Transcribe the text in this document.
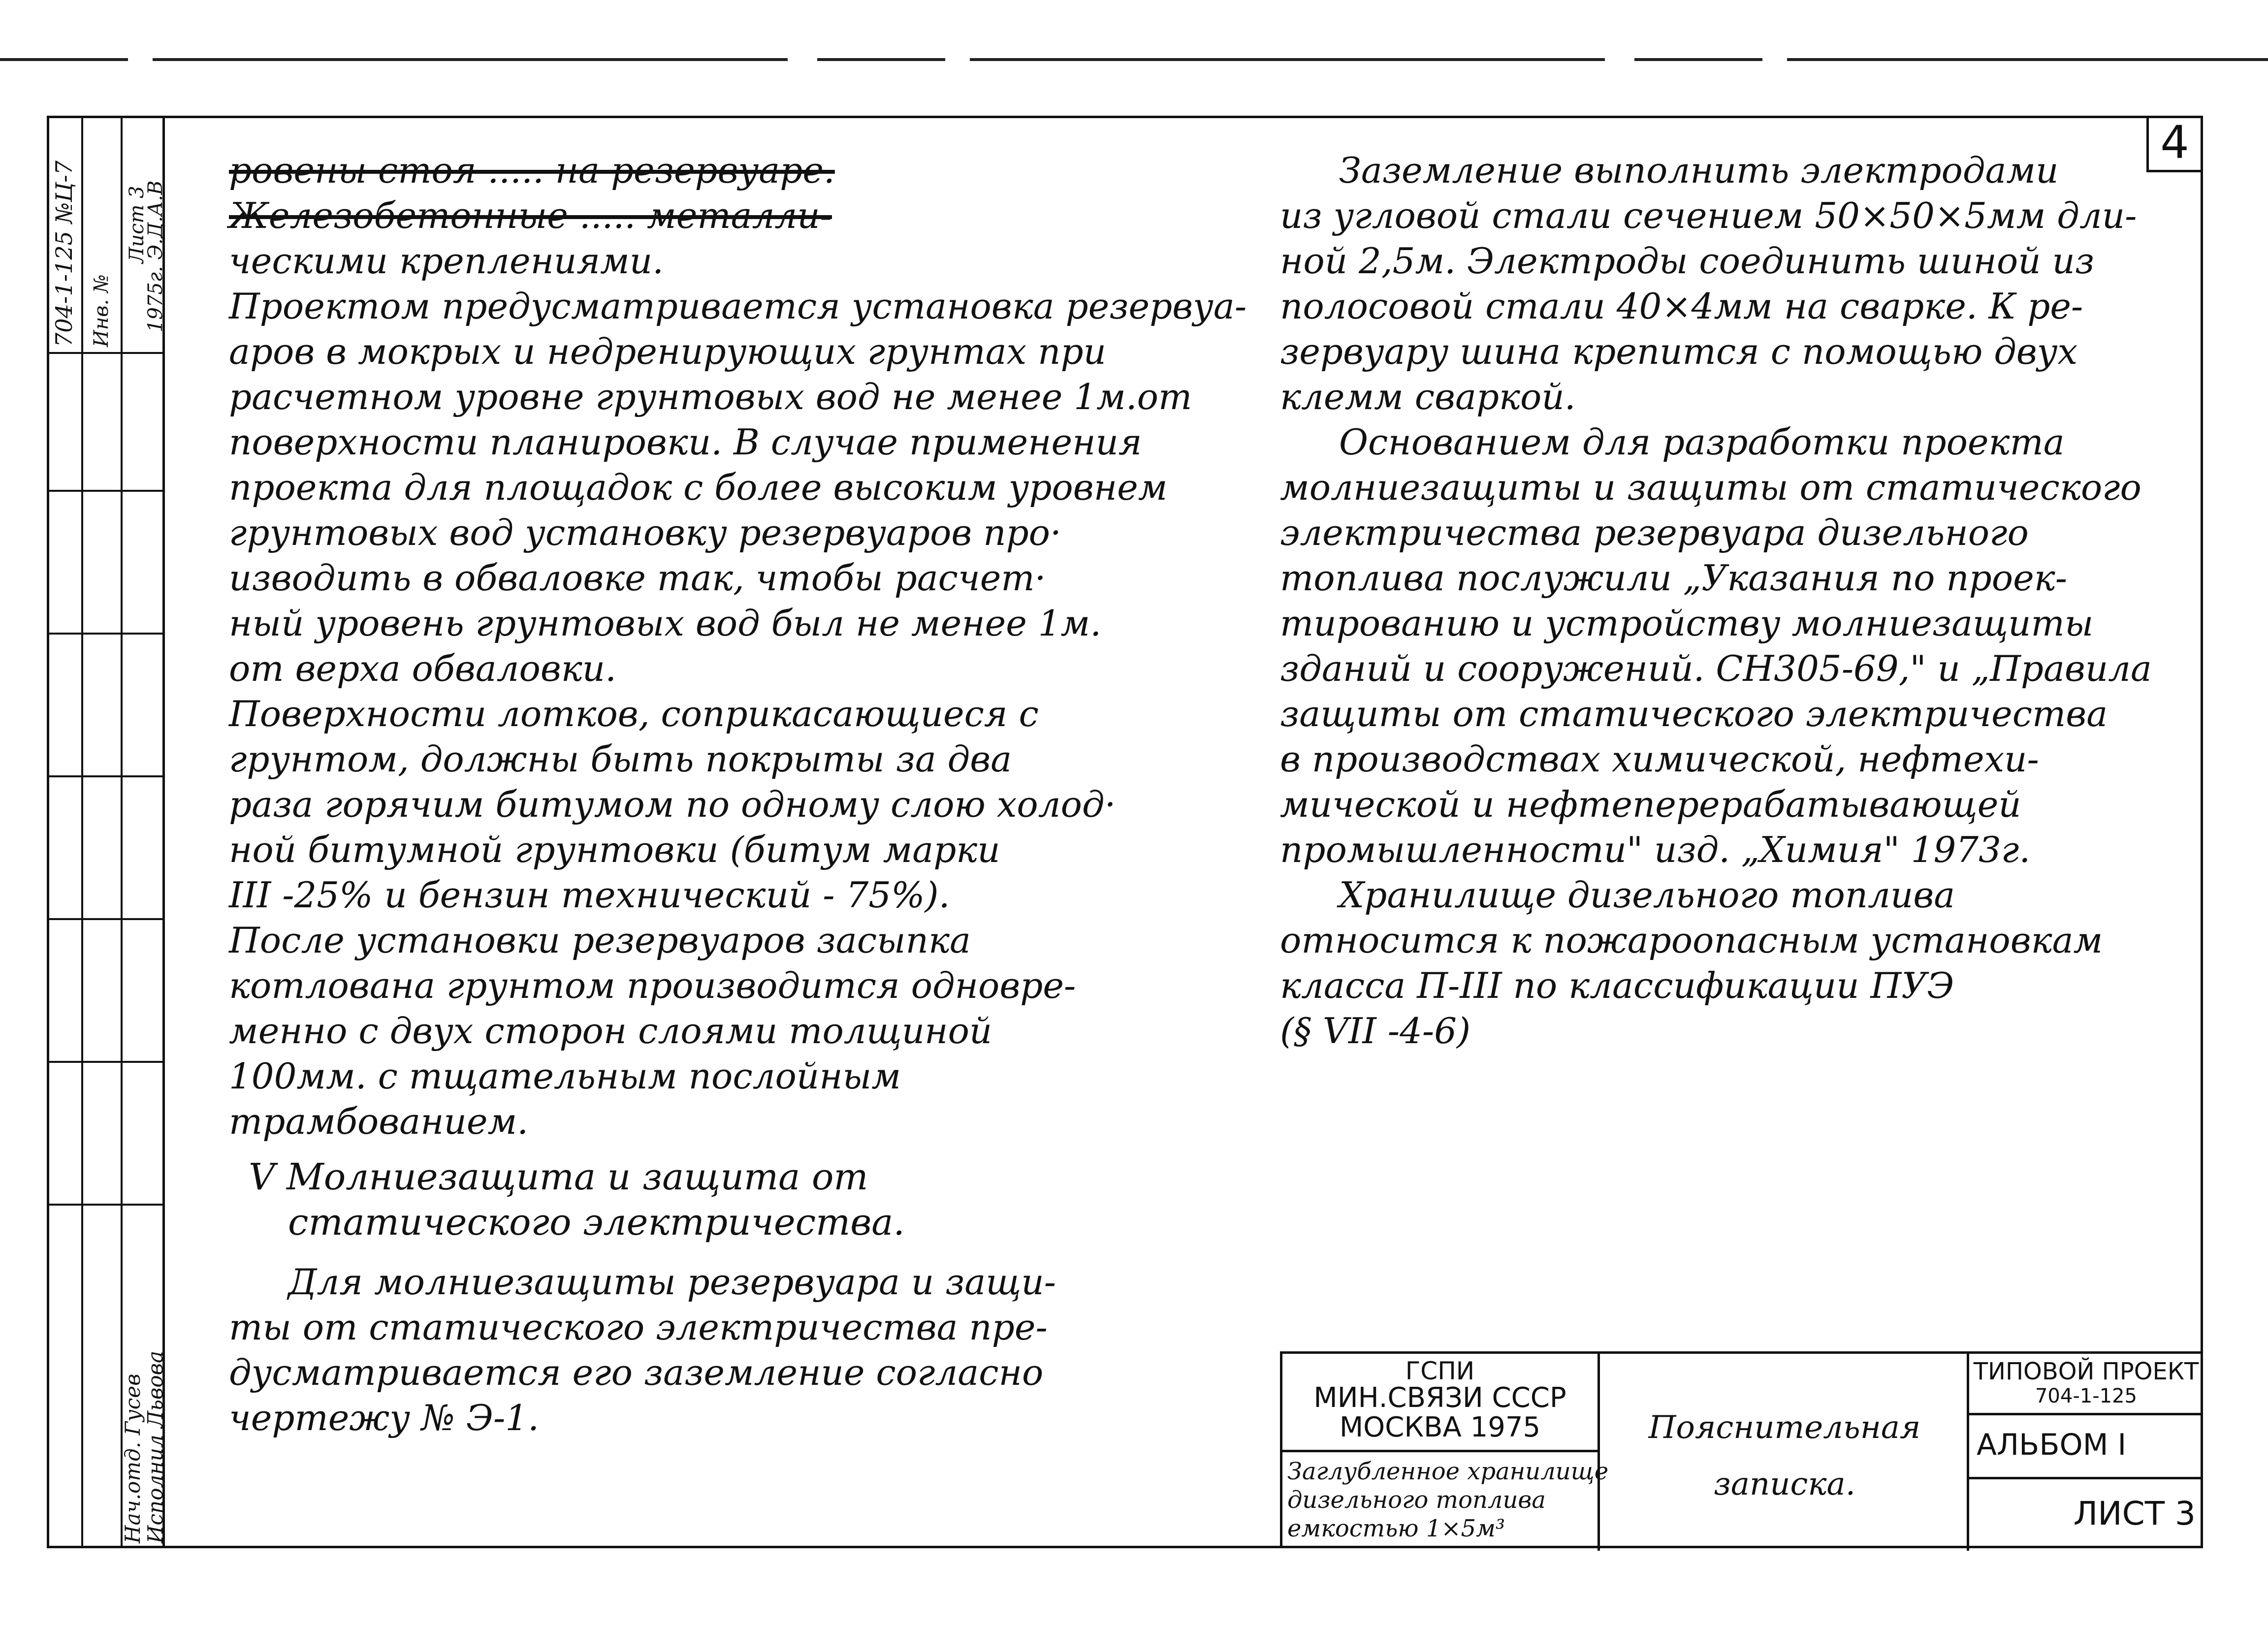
704-1-125 №Ц-7 Инв. №
Лист 3
1975г. Э.Д.А.В
Нач.отд. Гусев
Исполнил Львова
4
ровены стоя ..... на резервуаре.
Железобетонные ..... металли-
ческими креплениями.
Проектом предусматривается установка резервуа-
аров в мокрых и недренирующих грунтах при
расчетном уровне грунтовых вод не менее 1м.от
поверхности планировки. В случае применения
проекта для площадок с более высоким уровнем
грунтовых вод установку резервуаров про·
изводить в обваловке так, чтобы расчет·
ный уровень грунтовых вод был не менее 1м.
от верха обваловки.
Поверхности лотков, соприкасающиеся с
грунтом, должны быть покрыты за два
раза горячим битумом по одному слою холод·
ной битумной грунтовки (битум марки
III -25% и бензин технический - 75%).
После установки резервуаров засыпка
котлована грунтом производится одновре-
менно с двух сторон слоями толщиной
100мм. с тщательным послойным
трамбованием.
V Молниезащита и защита от
статического электричества.
Для молниезащиты резервуара и защи-
ты от статического электричества пре-
дусматривается его заземление согласно
чертежу № Э-1.
Заземление выполнить электродами
из угловой стали сечением 50×50×5мм дли-
ной 2,5м. Электроды соединить шиной из
полосовой стали 40×4мм на сварке. К ре-
зервуару шина крепится с помощью двух
клемм сваркой.
Основанием для разработки проекта
молниезащиты и защиты от статического
электричества резервуара дизельного
топлива послужили „Указания по проек-
тированию и устройству молниезащиты
зданий и сооружений. СН305-69," и „Правила
защиты от статического электричества
в производствах химической, нефтехи-
мической и нефтеперерабатывающей
промышленности" изд. „Химия" 1973г.
Хранилище дизельного топлива
относится к пожароопасным установкам
класса П-III по классификации ПУЭ
(§ VII -4-6)
ГСПИ
МИН.СВЯЗИ СССР
МОСКВА 1975
Заглубленное хранилище
дизельного топлива
емкостью 1×5м³
Пояснительная
записка.
ТИПОВОЙ ПРОЕКТ
704-1-125
АЛЬБОМ I
ЛИСТ 3
